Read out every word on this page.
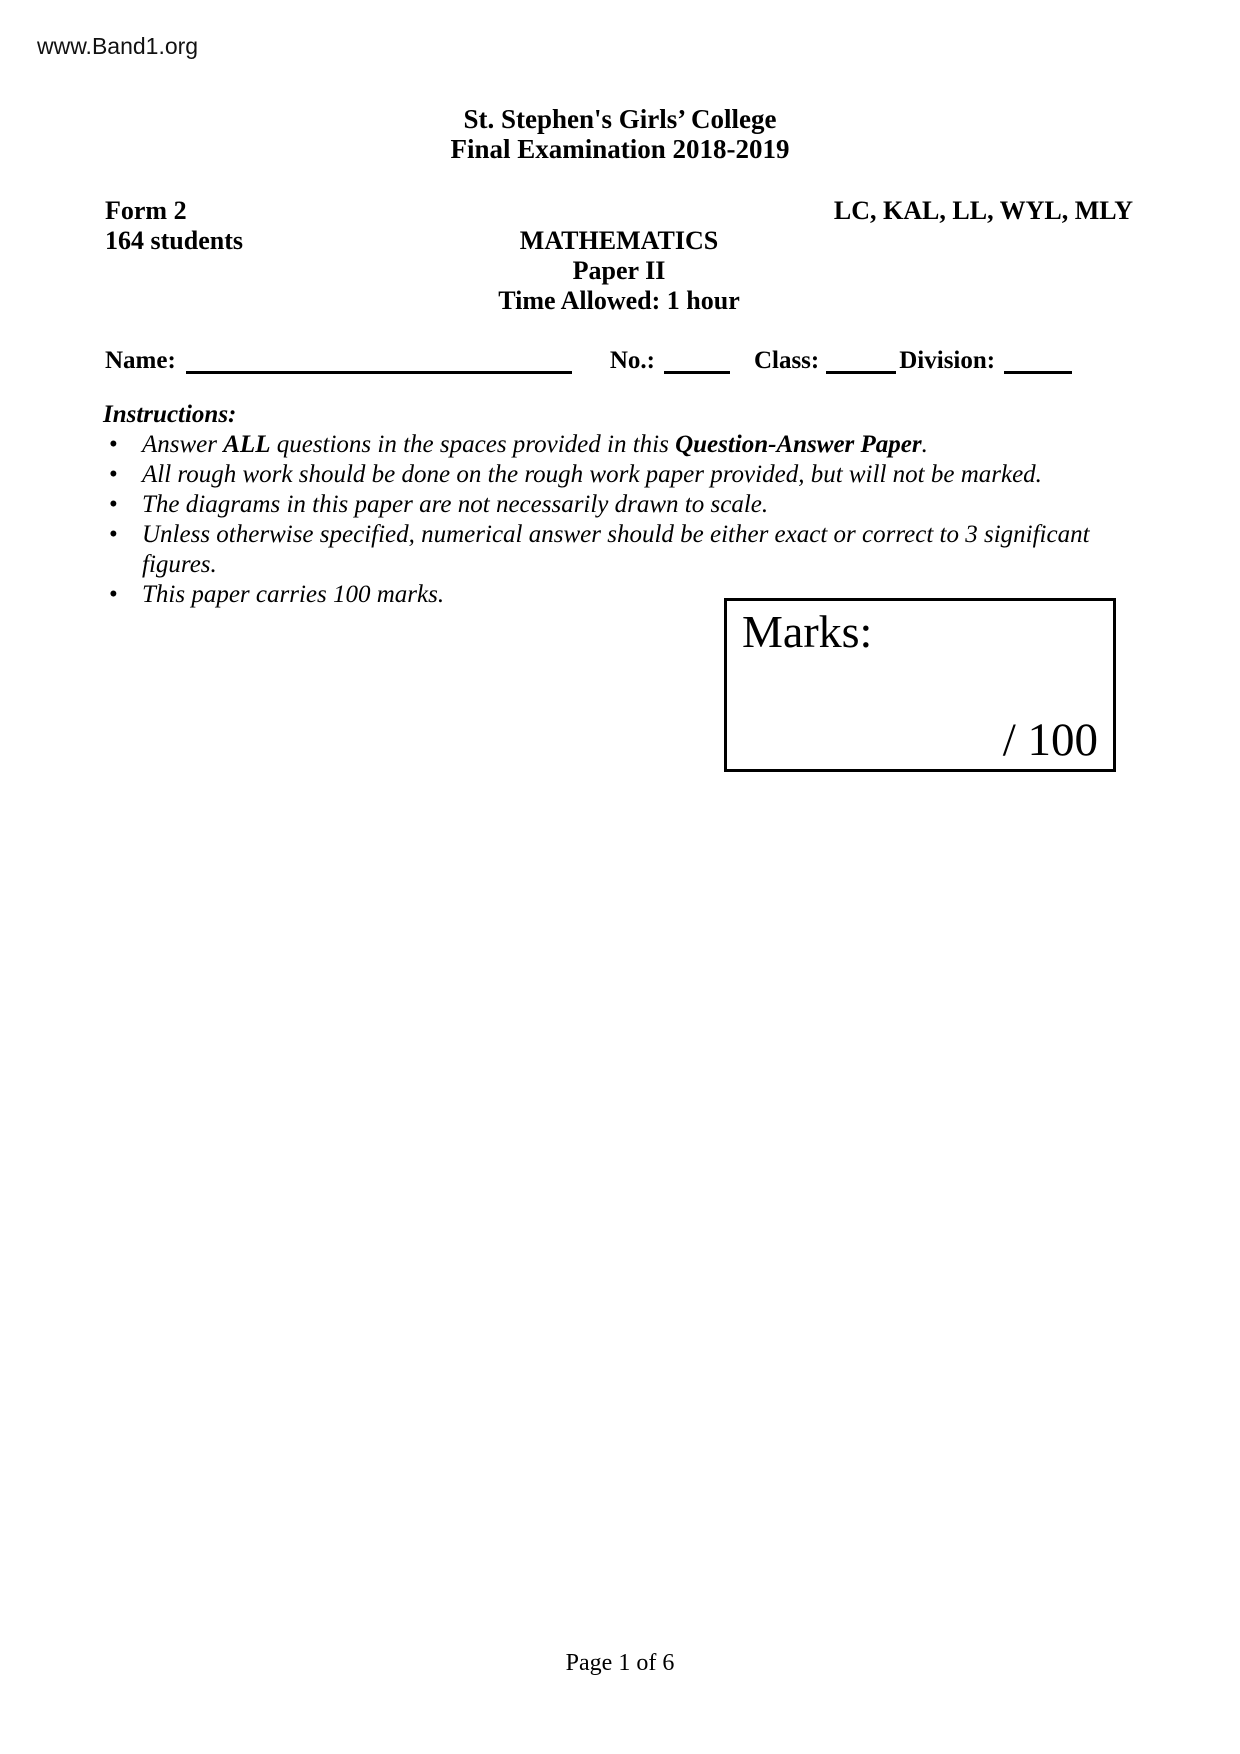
www.Band1.org
St. Stephen's Girls’ College
Final Examination 2018-2019
Form 2
164 students
LC, KAL, LL, WYL, MLY
MATHEMATICS
Paper II
Time Allowed: 1 hour
Name:	No.:	Class:	Division:
Instructions:
• Answer ALL questions in the spaces provided in this Question-Answer Paper.
• All rough work should be done on the rough work paper provided, but will not be marked.
• The diagrams in this paper are not necessarily drawn to scale.
• Unless otherwise specified, numerical answer should be either exact or correct to 3 significant figures.
• This paper carries 100 marks.
Marks:
/ 100
Page 1 of 6
